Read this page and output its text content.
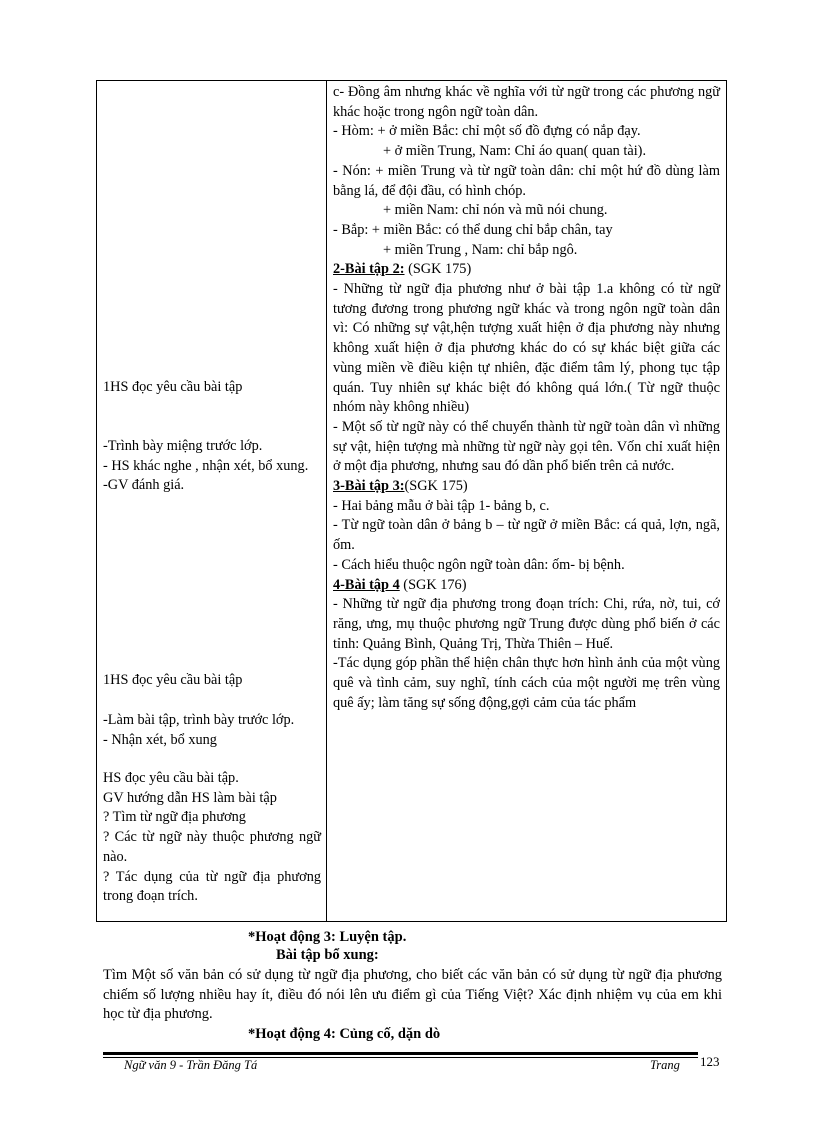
1HS đọc yêu cầu bài tập

-Trình bày miệng trước lớp.

- HS khác nghe , nhận xét, bổ xung.

-GV đánh giá.

1HS đọc yêu cầu bài tập

-Làm bài tập, trình bày trước lớp.

- Nhận xét, bổ xung

HS đọc yêu cầu bài tập.

GV hướng dẫn HS làm bài tập

? Tìm từ ngữ địa phương

? Các từ ngữ này thuộc phương ngữ nào.

? Tác dụng của từ ngữ địa phương trong đoạn trích.

c- Đồng âm nhưng khác về nghĩa với từ ngữ trong các phương ngữ khác hoặc trong ngôn ngữ toàn dân.

- Hòm: + ở miền Bắc: chỉ một số đồ đựng có nắp đạy.

+ ở miền Trung, Nam: Chỉ áo quan( quan tài).

- Nón: + miền Trung và từ ngữ toàn dân: chỉ một hứ đồ dùng làm bằng lá, để đội đầu, có hình chóp.

+ miền Nam: chỉ nón và mũ nói chung.

- Bắp: + miền Bắc: có thể dung chỉ bắp chân, tay

+ miền Trung , Nam: chỉ bắp ngô.

2-Bài tập 2: (SGK 175)

- Những từ ngữ địa phương như ở bài tập 1.a không có từ ngữ tương đương trong phương ngữ khác và trong ngôn ngữ toàn dân vì: Có những sự vật,hện tượng xuất hiện ở địa phương này nhưng không xuất hiện ở địa phương khác do có sự khác biệt giữa các vùng miền về điều kiện tự nhiên, đặc điểm tâm lý, phong tục tập quán. Tuy nhiên sự khác biệt đó không quá lớn.( Từ ngữ thuộc nhóm này không nhiều)

- Một số từ ngữ này có thể chuyển thành từ ngữ toàn dân vì những sự vật, hiện tượng mà những từ ngữ này gọi tên. Vốn chỉ xuất hiện ở một địa phương, nhưng sau đó dần phổ biến trên cả nước.

3-Bài tập 3:(SGK 175)

- Hai bảng mẫu ở bài tập 1- bảng b, c.

- Từ ngữ toàn dân ở bảng b – từ ngữ ở miền Bắc: cá quả, lợn, ngã, ốm.

- Cách hiểu thuộc ngôn ngữ toàn dân: ốm- bị bệnh.

4-Bài tập 4 (SGK 176)

- Những từ ngữ địa phương trong đoạn trích: Chi, rứa, nờ, tui, cớ răng, ưng, mụ thuộc phương ngữ Trung được dùng phổ biến ở các tỉnh: Quảng Bình, Quảng Trị, Thừa Thiên – Huế.

-Tác dụng góp phần thể hiện chân thực hơn hình ảnh của một vùng quê và tình cảm, suy nghĩ, tính cách của một người mẹ trên vùng quê ấy; làm tăng sự sống động,gợi cảm của tác phẩm

*Hoạt động 3: Luyện tập.
Bài tập bổ xung:

Tìm Một số văn bản có sử dụng từ ngữ địa phương, cho biết các văn bản có sử dụng từ ngữ địa phương chiếm số lượng nhiều hay ít, điều đó nói lên ưu điểm gì của Tiếng Việt? Xác định nhiệm vụ của em khi học từ địa phương.

*Hoạt động 4: Củng cố, dặn dò
Ngữ văn 9 - Trần Đăng Tá	Trang 123
